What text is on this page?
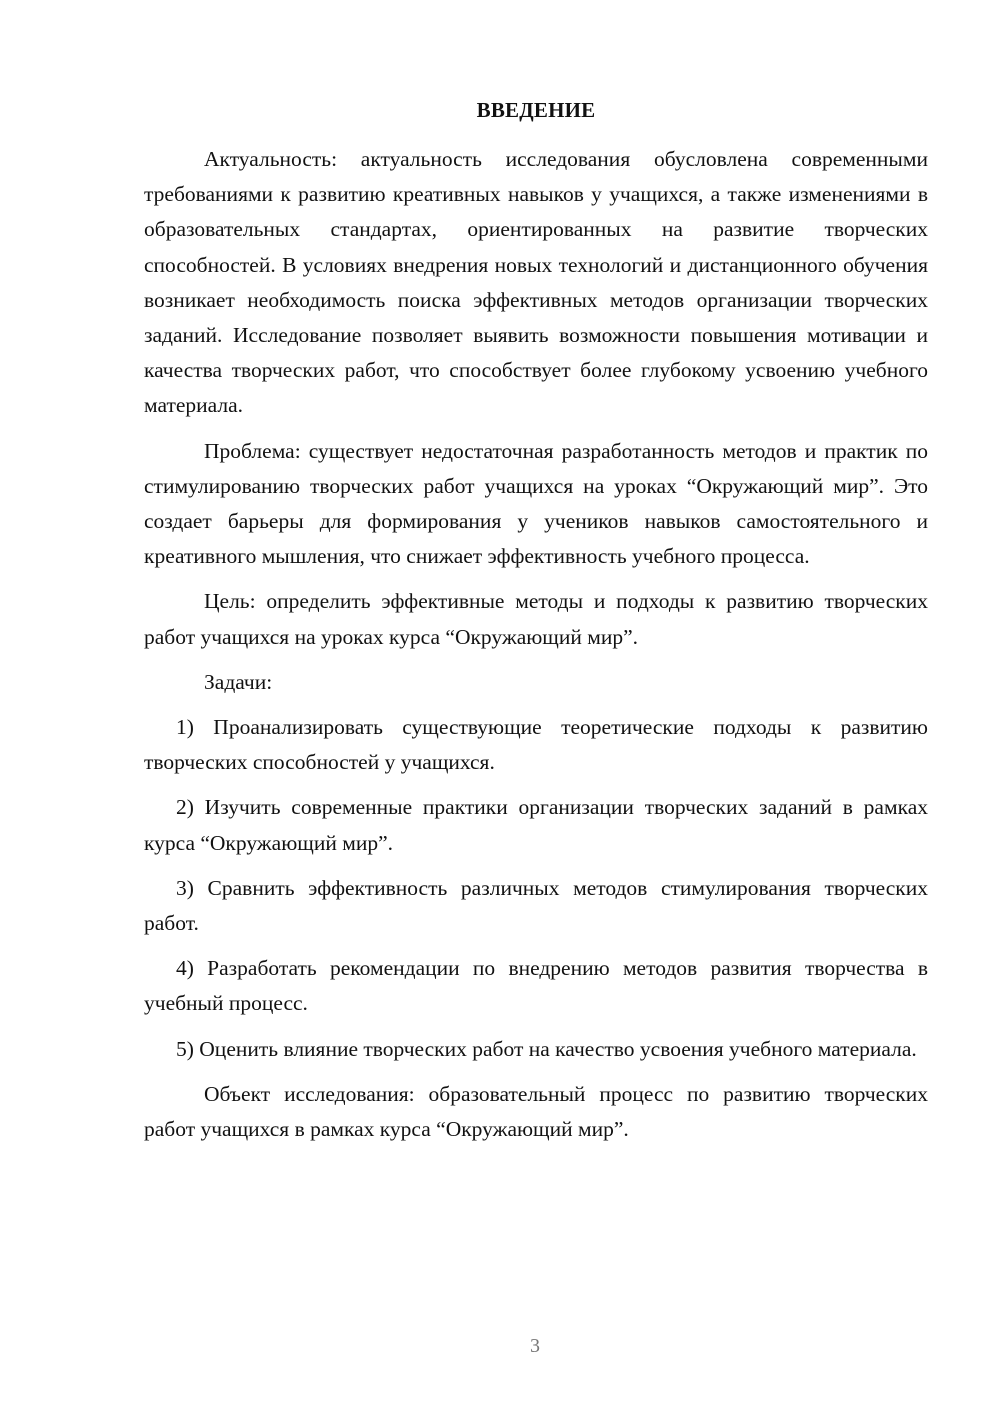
ВВЕДЕНИЕ

Актуальность: актуальность исследования обусловлена современными требованиями к развитию креативных навыков у учащихся, а также изменениями в образовательных стандартах, ориентированных на развитие творческих способностей. В условиях внедрения новых технологий и дистанционного обучения возникает необходимость поиска эффективных методов организации творческих заданий. Исследование позволяет выявить возможности повышения мотивации и качества творческих работ, что способствует более глубокому усвоению учебного материала.

Проблема: существует недостаточная разработанность методов и практик по стимулированию творческих работ учащихся на уроках “Окружающий мир”. Это создает барьеры для формирования у учеников навыков самостоятельного и креативного мышления, что снижает эффективность учебного процесса.

Цель: определить эффективные методы и подходы к развитию творческих работ учащихся на уроках курса “Окружающий мир”.

Задачи:

1) Проанализировать существующие теоретические подходы к развитию творческих способностей у учащихся.

2) Изучить современные практики организации творческих заданий в рамках курса “Окружающий мир”.

3) Сравнить эффективность различных методов стимулирования творческих работ.

4) Разработать рекомендации по внедрению методов развития творчества в учебный процесс.

5) Оценить влияние творческих работ на качество усвоения учебного материала.

Объект исследования: образовательный процесс по развитию творческих работ учащихся в рамках курса “Окружающий мир”.

3
